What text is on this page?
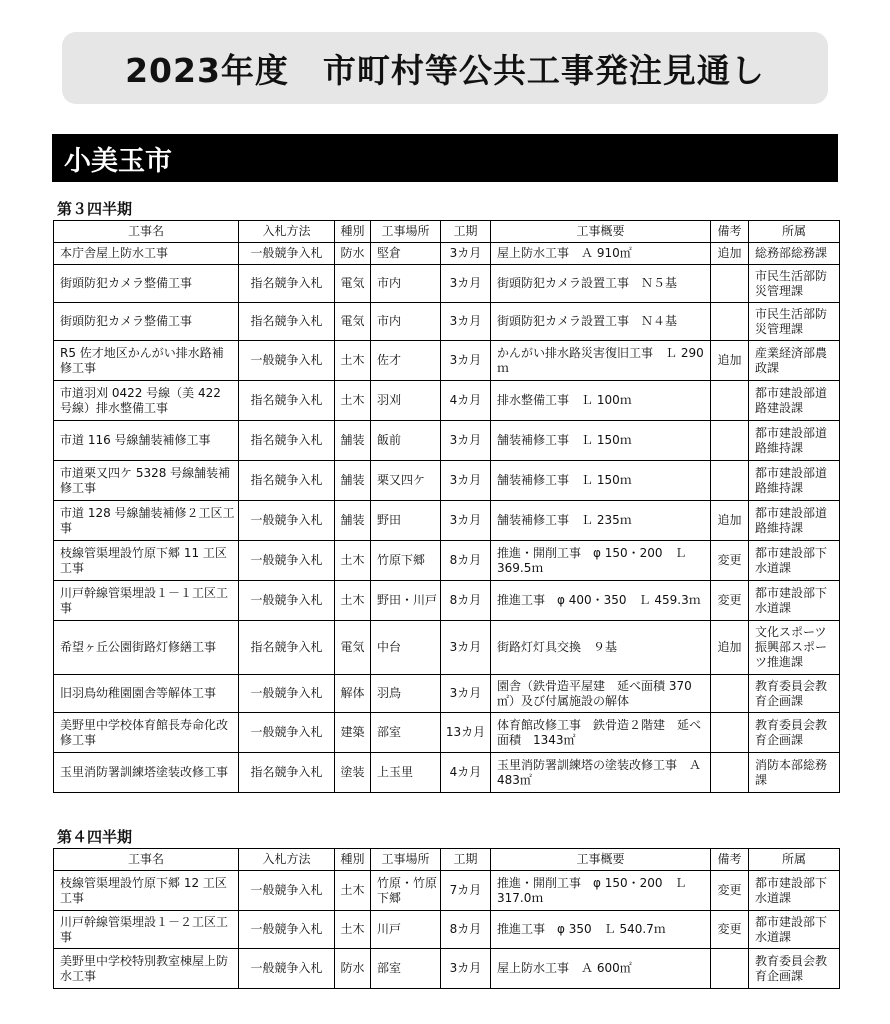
2023年度　市町村等公共工事発注見通し
小美玉市
第３四半期
工事名	入札方法	種別	工事場所	工期	工事概要	備考	所属
本庁舎屋上防水工事	一般競争入札	防水	堅倉	3カ月	屋上防水工事　Ａ 910㎡	追加	総務部総務課
街頭防犯カメラ整備工事	指名競争入札	電気	市内	3カ月	街頭防犯カメラ設置工事　Ｎ５基		市民生活部防災管理課
街頭防犯カメラ整備工事	指名競争入札	電気	市内	3カ月	街頭防犯カメラ設置工事　Ｎ４基		市民生活部防災管理課
R5 佐才地区かんがい排水路補修工事	一般競争入札	土木	佐才	3カ月	かんがい排水路災害復旧工事　Ｌ 290ｍ	追加	産業経済部農政課
市道羽刈 0422 号線（美 422 号線）排水整備工事	指名競争入札	土木	羽刈	4カ月	排水整備工事　Ｌ 100ｍ		都市建設部道路建設課
市道 116 号線舗装補修工事	指名競争入札	舗装	飯前	3カ月	舗装補修工事　Ｌ 150ｍ		都市建設部道路維持課
市道栗又四ケ 5328 号線舗装補修工事	指名競争入札	舗装	栗又四ケ	3カ月	舗装補修工事　Ｌ 150ｍ		都市建設部道路維持課
市道 128 号線舗装補修２工区工事	一般競争入札	舗装	野田	3カ月	舗装補修工事　Ｌ 235ｍ	追加	都市建設部道路維持課
枝線管渠埋設竹原下郷 11 工区工事	一般競争入札	土木	竹原下郷	8カ月	推進・開削工事　φ 150・200　Ｌ 369.5ｍ	変更	都市建設部下水道課
川戸幹線管渠埋設１－１工区工事	一般競争入札	土木	野田・川戸	8カ月	推進工事　φ 400・350　Ｌ 459.3ｍ	変更	都市建設部下水道課
希望ヶ丘公園街路灯修繕工事	指名競争入札	電気	中台	3カ月	街路灯灯具交換　９基	追加	文化スポーツ振興部スポーツ推進課
旧羽鳥幼稚園園舎等解体工事	一般競争入札	解体	羽鳥	3カ月	園舎（鉄骨造平屋建　延べ面積 370㎡）及び付属施設の解体		教育委員会教育企画課
美野里中学校体育館長寿命化改修工事	一般競争入札	建築	部室	13カ月	体育館改修工事　鉄骨造２階建　延べ面積　1343㎡		教育委員会教育企画課
玉里消防署訓練塔塗装改修工事	指名競争入札	塗装	上玉里	4カ月	玉里消防署訓練塔の塗装改修工事　Ａ 483㎡		消防本部総務課
第４四半期
工事名	入札方法	種別	工事場所	工期	工事概要	備考	所属
枝線管渠埋設竹原下郷 12 工区工事	一般競争入札	土木	竹原・竹原下郷	7カ月	推進・開削工事　φ 150・200　Ｌ 317.0ｍ	変更	都市建設部下水道課
川戸幹線管渠埋設１－２工区工事	一般競争入札	土木	川戸	8カ月	推進工事　φ 350　Ｌ 540.7ｍ	変更	都市建設部下水道課
美野里中学校特別教室棟屋上防水工事	一般競争入札	防水	部室	3カ月	屋上防水工事　Ａ 600㎡		教育委員会教育企画課
